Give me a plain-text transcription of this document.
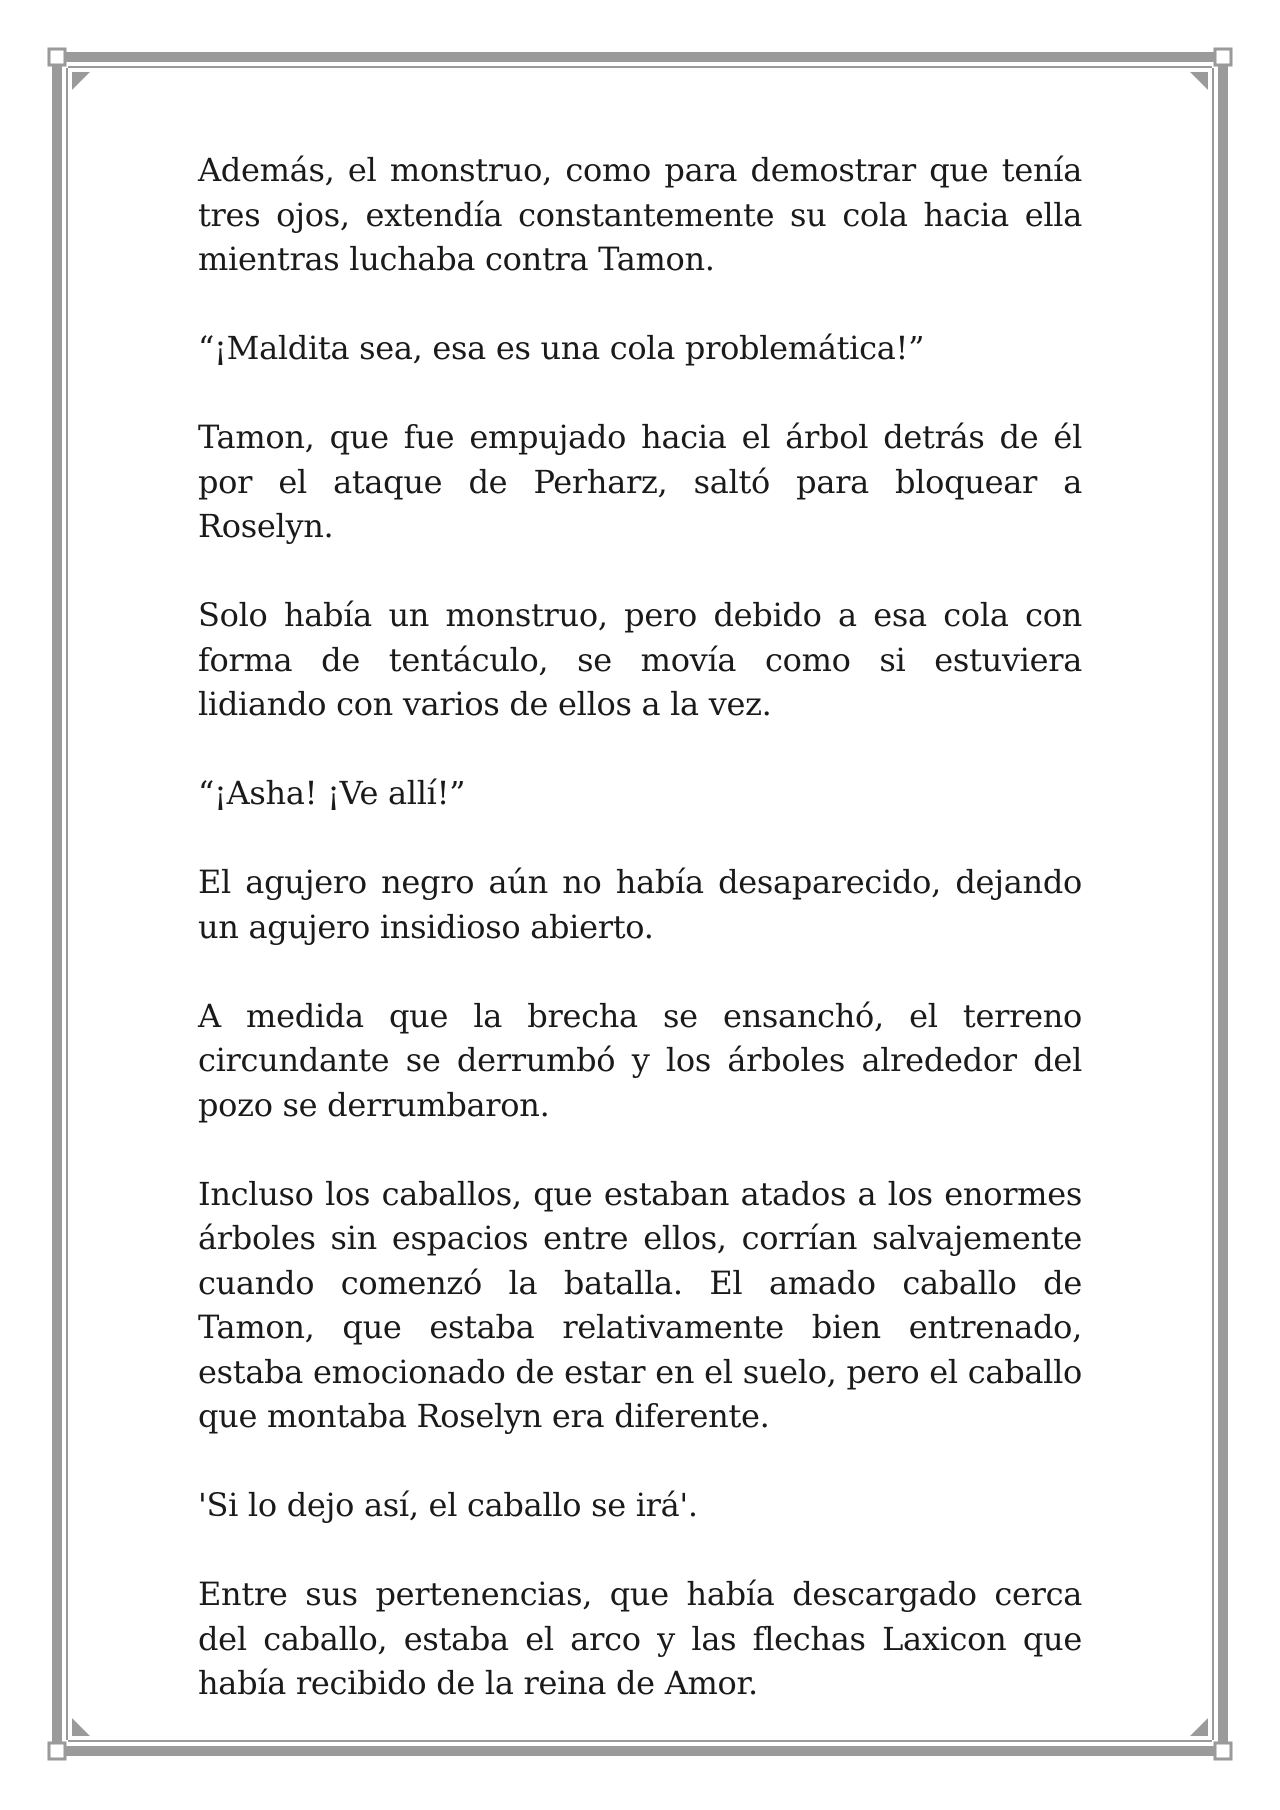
Además, el monstruo, como para demostrar que tenía tres ojos, extendía constantemente su cola hacia ella mientras luchaba contra Tamon.

“¡Maldita sea, esa es una cola problemática!”

Tamon, que fue empujado hacia el árbol detrás de él por el ataque de Perharz, saltó para bloquear a Roselyn.

Solo había un monstruo, pero debido a esa cola con forma de tentáculo, se movía como si estuviera lidiando con varios de ellos a la vez.

“¡Asha! ¡Ve allí!”

El agujero negro aún no había desaparecido, dejando un agujero insidioso abierto.

A medida que la brecha se ensanchó, el terreno circundante se derrumbó y los árboles alrededor del pozo se derrumbaron.

Incluso los caballos, que estaban atados a los enormes árboles sin espacios entre ellos, corrían salvajemente cuando comenzó la batalla. El amado caballo de Tamon, que estaba relativamente bien entrenado, estaba emocionado de estar en el suelo, pero el caballo que montaba Roselyn era diferente.

'Si lo dejo así, el caballo se irá'.

Entre sus pertenencias, que había descargado cerca del caballo, estaba el arco y las flechas Laxicon que había recibido de la reina de Amor.
